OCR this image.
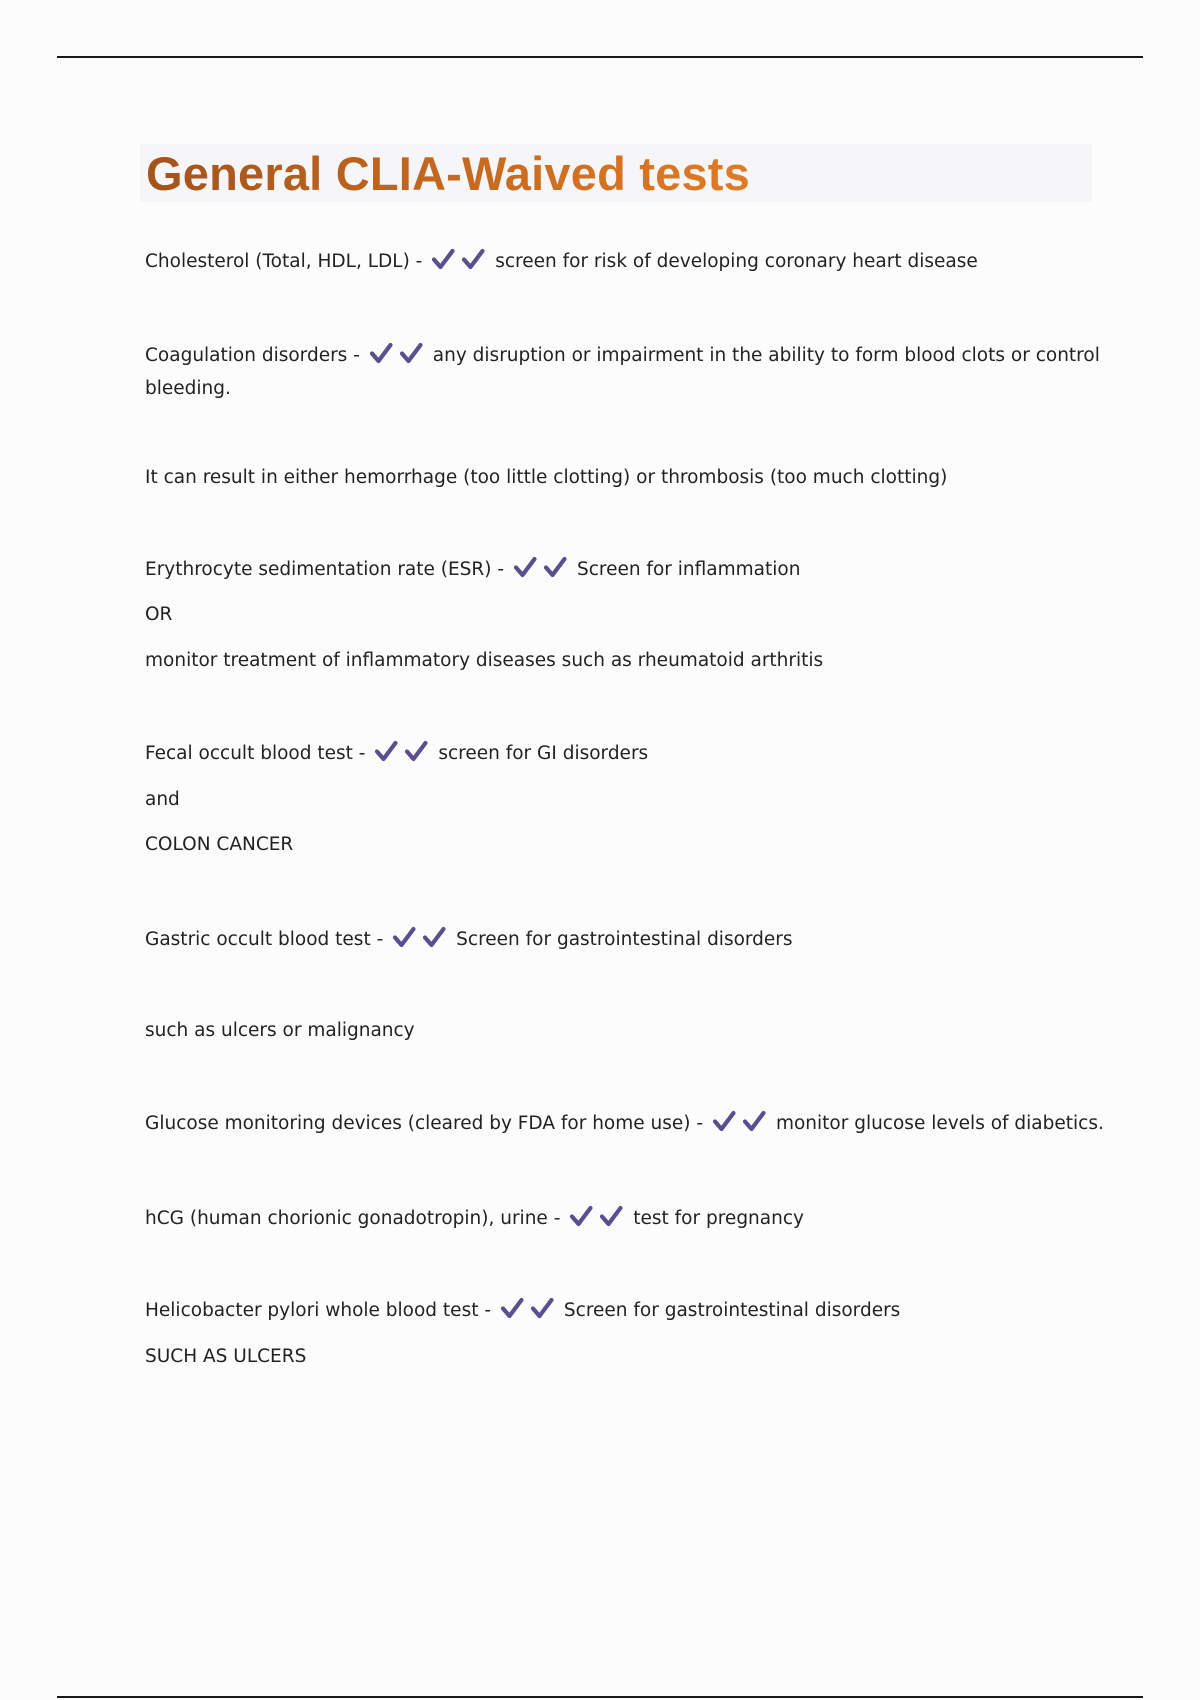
General CLIA-Waived tests

Cholesterol (Total, HDL, LDL) -	screen for risk of developing coronary heart disease

Coagulation disorders -	any disruption or impairment in the ability to form blood clots or control bleeding.

It can result in either hemorrhage (too little clotting) or thrombosis (too much clotting)

Erythrocyte sedimentation rate (ESR) -	Screen for inflammation

OR

monitor treatment of inflammatory diseases such as rheumatoid arthritis

Fecal occult blood test -	screen for GI disorders

and

COLON CANCER

Gastric occult blood test -	Screen for gastrointestinal disorders

such as ulcers or malignancy

Glucose monitoring devices (cleared by FDA for home use) -	monitor glucose levels of diabetics.

hCG (human chorionic gonadotropin), urine -	test for pregnancy

Helicobacter pylori whole blood test -	Screen for gastrointestinal disorders

SUCH AS ULCERS
